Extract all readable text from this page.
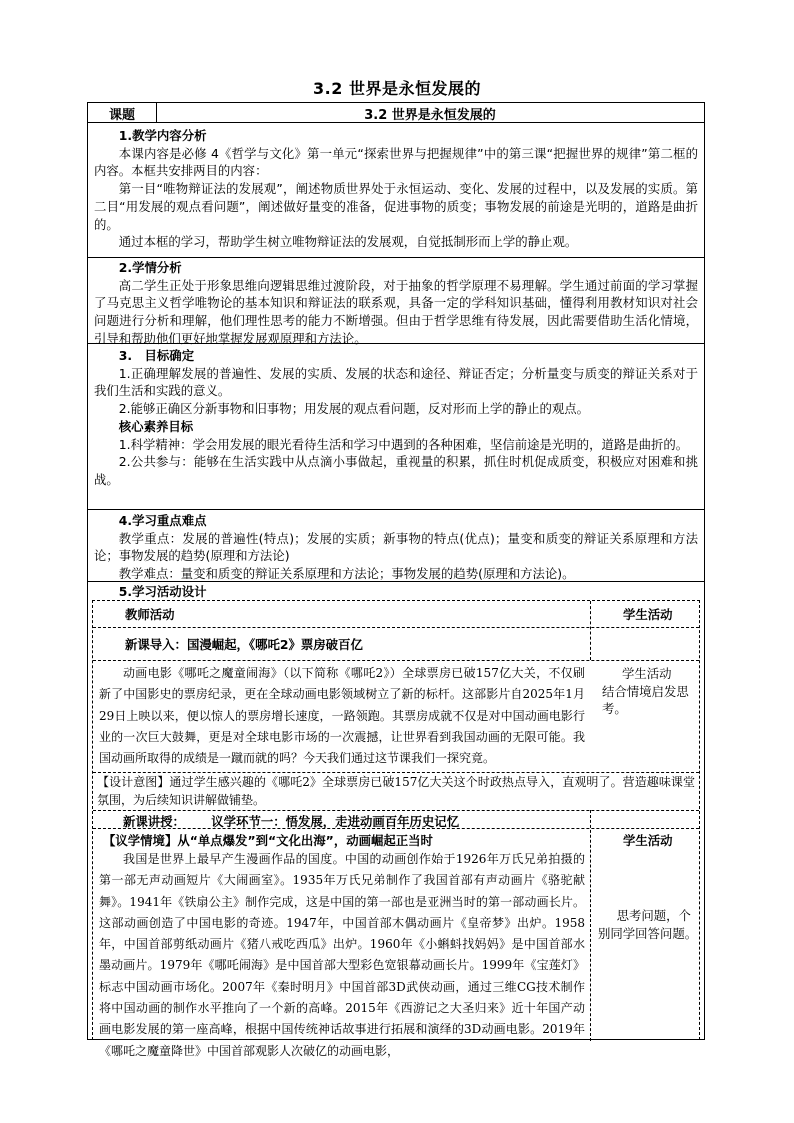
3.2 世界是永恒发展的
课题	3.2 世界是永恒发展的

1.教学内容分析

本课内容是必修 4《哲学与文化》第一单元“探索世界与把握规律”中的第三课“把握世界的规律”第二框的内容。本框共安排两目的内容：

第一目“唯物辩证法的发展观”，阐述物质世界处于永恒运动、变化、发展的过程中，以及发展的实质。第二目“用发展的观点看问题”，阐述做好量变的准备，促进事物的质变；事物发展的前途是光明的，道路是曲折的。

通过本框的学习，帮助学生树立唯物辩证法的发展观，自觉抵制形而上学的静止观。

2.学情分析

高二学生正处于形象思维向逻辑思维过渡阶段，对于抽象的哲学原理不易理解。学生通过前面的学习掌握了马克思主义哲学唯物论的基本知识和辩证法的联系观，具备一定的学科知识基础，懂得利用教材知识对社会问题进行分析和理解，他们理性思考的能力不断增强。但由于哲学思维有待发展，因此需要借助生活化情境，引导和帮助他们更好地掌握发展观原理和方法论。

3.　目标确定

1.正确理解发展的普遍性、发展的实质、发展的状态和途径、辩证否定；分析量变与质变的辩证关系对于我们生活和实践的意义。

2.能够正确区分新事物和旧事物；用发展的观点看问题，反对形而上学的静止的观点。

核心素养目标

1.科学精神：学会用发展的眼光看待生活和学习中遇到的各种困难，坚信前途是光明的，道路是曲折的。

2.公共参与：能够在生活实践中从点滴小事做起，重视量的积累，抓住时机促成质变，积极应对困难和挑战。

4.学习重点难点

教学重点：发展的普遍性(特点)；发展的实质；新事物的特点(优点)；量变和质变的辩证关系原理和方法论；事物发展的趋势(原理和方法论)

教学难点：量变和质变的辩证关系原理和方法论；事物发展的趋势(原理和方法论)。

5.学习活动设计

教师活动	学生活动
新课导入：国漫崛起，《哪吒2》票房破百亿
动画电影《哪吒之魔童闹海》（以下简称《哪吒2》）全球票房已破157亿大关，不仅刷新了中国影史的票房纪录，更在全球动画电影领域树立了新的标杆。这部影片自2025年1月29日上映以来，便以惊人的票房增长速度，一路领跑。其票房成就不仅是对中国动画电影行业的一次巨大鼓舞，更是对全球电影市场的一次震撼，让世界看到我国动画的无限可能。我国动画所取得的成绩是一蹴而就的吗？今天我们通过这节课我们一探究竟。
学生活动
结合情境启发思考。
【设计意图】通过学生感兴趣的《哪吒2》全球票房已破157亿大关这个时政热点导入，直观明了。营造趣味课堂氛围，为后续知识讲解做铺垫。
新课讲授： 议学环节一：悟发展，走进动画百年历史记忆
【议学情境】从“单点爆发”到“文化出海”，动画崛起正当时
我国是世界上最早产生漫画作品的国度。中国的动画创作始于1926年万氏兄弟拍摄的第一部无声动画短片《大闹画室》。1935年万氏兄弟制作了我国首部有声动画片《骆驼献舞》。1941年《铁扇公主》制作完成，这是中国的第一部也是亚洲当时的第一部动画长片。这部动画创造了中国电影的奇迹。1947年，中国首部木偶动画片《皇帝梦》出炉。1958年，中国首部剪纸动画片《猪八戒吃西瓜》出炉。1960年《小蝌蚪找妈妈》是中国首部水墨动画片。1979年《哪吒闹海》是中国首部大型彩色宽银幕动画长片。1999年《宝莲灯》标志中国动画市场化。2007年《秦时明月》中国首部3D武侠动画，通过三维CG技术制作将中国动画的制作水平推向了一个新的高峰。2015年《西游记之大圣归来》近十年国产动画电影发展的第一座高峰，根据中国传统神话故事进行拓展和演绎的3D动画电影。2019年《哪吒之魔童降世》中国首部观影人次破亿的动画电影，
学生活动
思考问题，个别同学回答问题。
